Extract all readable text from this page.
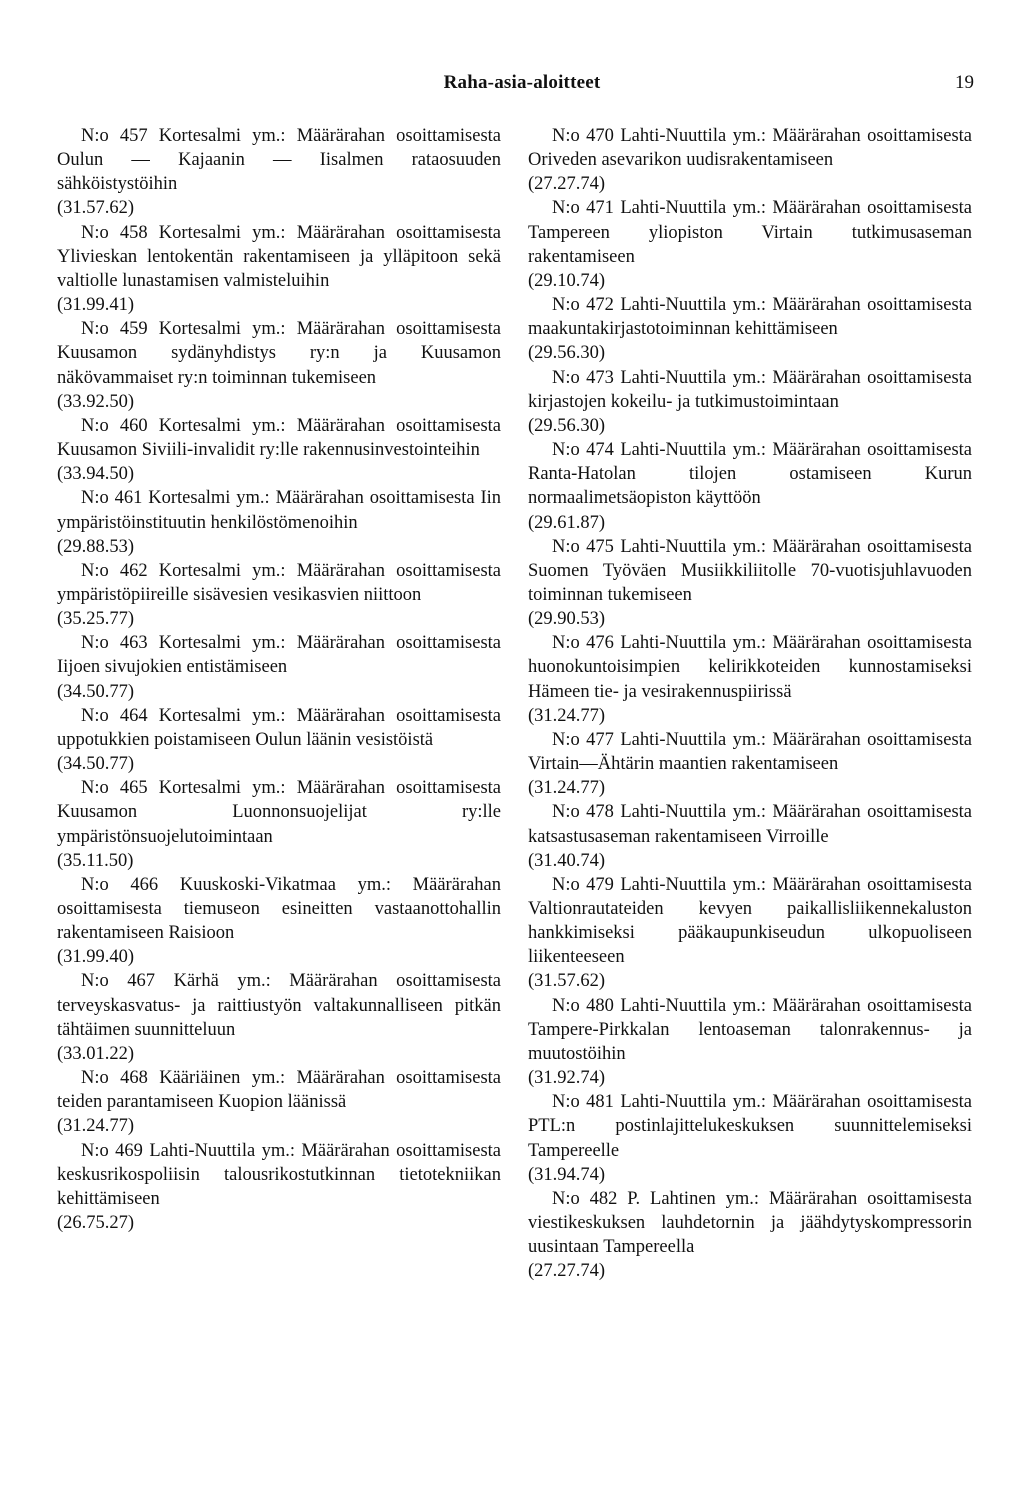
Raha-asia-aloitteet	19

N:o 457 Kortesalmi ym.: Määrärahan osoittamisesta Oulun — Kajaanin — Iisalmen rataosuuden sähköistystöihin

(31.57.62)

N:o 458 Kortesalmi ym.: Määrärahan osoittamisesta Ylivieskan lentokentän rakentamiseen ja ylläpitoon sekä valtiolle lunastamisen valmisteluihin

(31.99.41)

N:o 459 Kortesalmi ym.: Määrärahan osoittamisesta Kuusamon sydänyhdistys ry:n ja Kuusamon näkövammaiset ry:n toiminnan tukemiseen

(33.92.50)

N:o 460 Kortesalmi ym.: Määrärahan osoittamisesta Kuusamon Siviili-invalidit ry:lle rakennusinvestointeihin

(33.94.50)

N:o 461 Kortesalmi ym.: Määrärahan osoittamisesta Iin ympäristöinstituutin henkilöstömenoihin

(29.88.53)

N:o 462 Kortesalmi ym.: Määrärahan osoittamisesta ympäristöpiireille sisävesien vesikasvien niittoon

(35.25.77)

N:o 463 Kortesalmi ym.: Määrärahan osoittamisesta Iijoen sivujokien entistämiseen

(34.50.77)

N:o 464 Kortesalmi ym.: Määrärahan osoittamisesta uppotukkien poistamiseen Oulun läänin vesistöistä

(34.50.77)

N:o 465 Kortesalmi ym.: Määrärahan osoittamisesta Kuusamon Luonnonsuojelijat ry:lle ympäristönsuojelutoimintaan

(35.11.50)

N:o 466 Kuuskoski-Vikatmaa ym.: Määrärahan osoittamisesta tiemuseon esineitten vastaanottohallin rakentamiseen Raisioon

(31.99.40)

N:o 467 Kärhä ym.: Määrärahan osoittamisesta terveyskasvatus- ja raittiustyön valtakunnalliseen pitkän tähtäimen suunnitteluun

(33.01.22)

N:o 468 Kääriäinen ym.: Määrärahan osoittamisesta teiden parantamiseen Kuopion läänissä

(31.24.77)

N:o 469 Lahti-Nuuttila ym.: Määrärahan osoittamisesta keskusrikospoliisin talousrikostutkinnan tietotekniikan kehittämiseen

(26.75.27)

N:o 470 Lahti-Nuuttila ym.: Määrärahan osoittamisesta Oriveden asevarikon uudisrakentamiseen

(27.27.74)

N:o 471 Lahti-Nuuttila ym.: Määrärahan osoittamisesta Tampereen yliopiston Virtain tutkimusaseman rakentamiseen

(29.10.74)

N:o 472 Lahti-Nuuttila ym.: Määrärahan osoittamisesta maakuntakirjastotoiminnan kehittämiseen

(29.56.30)

N:o 473 Lahti-Nuuttila ym.: Määrärahan osoittamisesta kirjastojen kokeilu- ja tutkimustoimintaan

(29.56.30)

N:o 474 Lahti-Nuuttila ym.: Määrärahan osoittamisesta Ranta-Hatolan tilojen ostamiseen Kurun normaalimetsäopiston käyttöön

(29.61.87)

N:o 475 Lahti-Nuuttila ym.: Määrärahan osoittamisesta Suomen Työväen Musiikkiliitolle 70-vuotisjuhlavuoden toiminnan tukemiseen

(29.90.53)

N:o 476 Lahti-Nuuttila ym.: Määrärahan osoittamisesta huonokuntoisimpien kelirikkoteiden kunnostamiseksi Hämeen tie- ja vesirakennuspiirissä

(31.24.77)

N:o 477 Lahti-Nuuttila ym.: Määrärahan osoittamisesta Virtain—Ähtärin maantien rakentamiseen

(31.24.77)

N:o 478 Lahti-Nuuttila ym.: Määrärahan osoittamisesta katsastusaseman rakentamiseen Virroille

(31.40.74)

N:o 479 Lahti-Nuuttila ym.: Määrärahan osoittamisesta Valtionrautateiden kevyen paikallisliikennekaluston hankkimiseksi pääkaupunkiseudun ulkopuoliseen liikenteeseen

(31.57.62)

N:o 480 Lahti-Nuuttila ym.: Määrärahan osoittamisesta Tampere-Pirkkalan lentoaseman talonrakennus- ja muutostöihin

(31.92.74)

N:o 481 Lahti-Nuuttila ym.: Määrärahan osoittamisesta PTL:n postinlajittelukeskuksen suunnittelemiseksi Tampereelle

(31.94.74)

N:o 482 P. Lahtinen ym.: Määrärahan osoittamisesta viestikeskuksen lauhdetornin ja jäähdytyskompressorin uusintaan Tampereella

(27.27.74)
